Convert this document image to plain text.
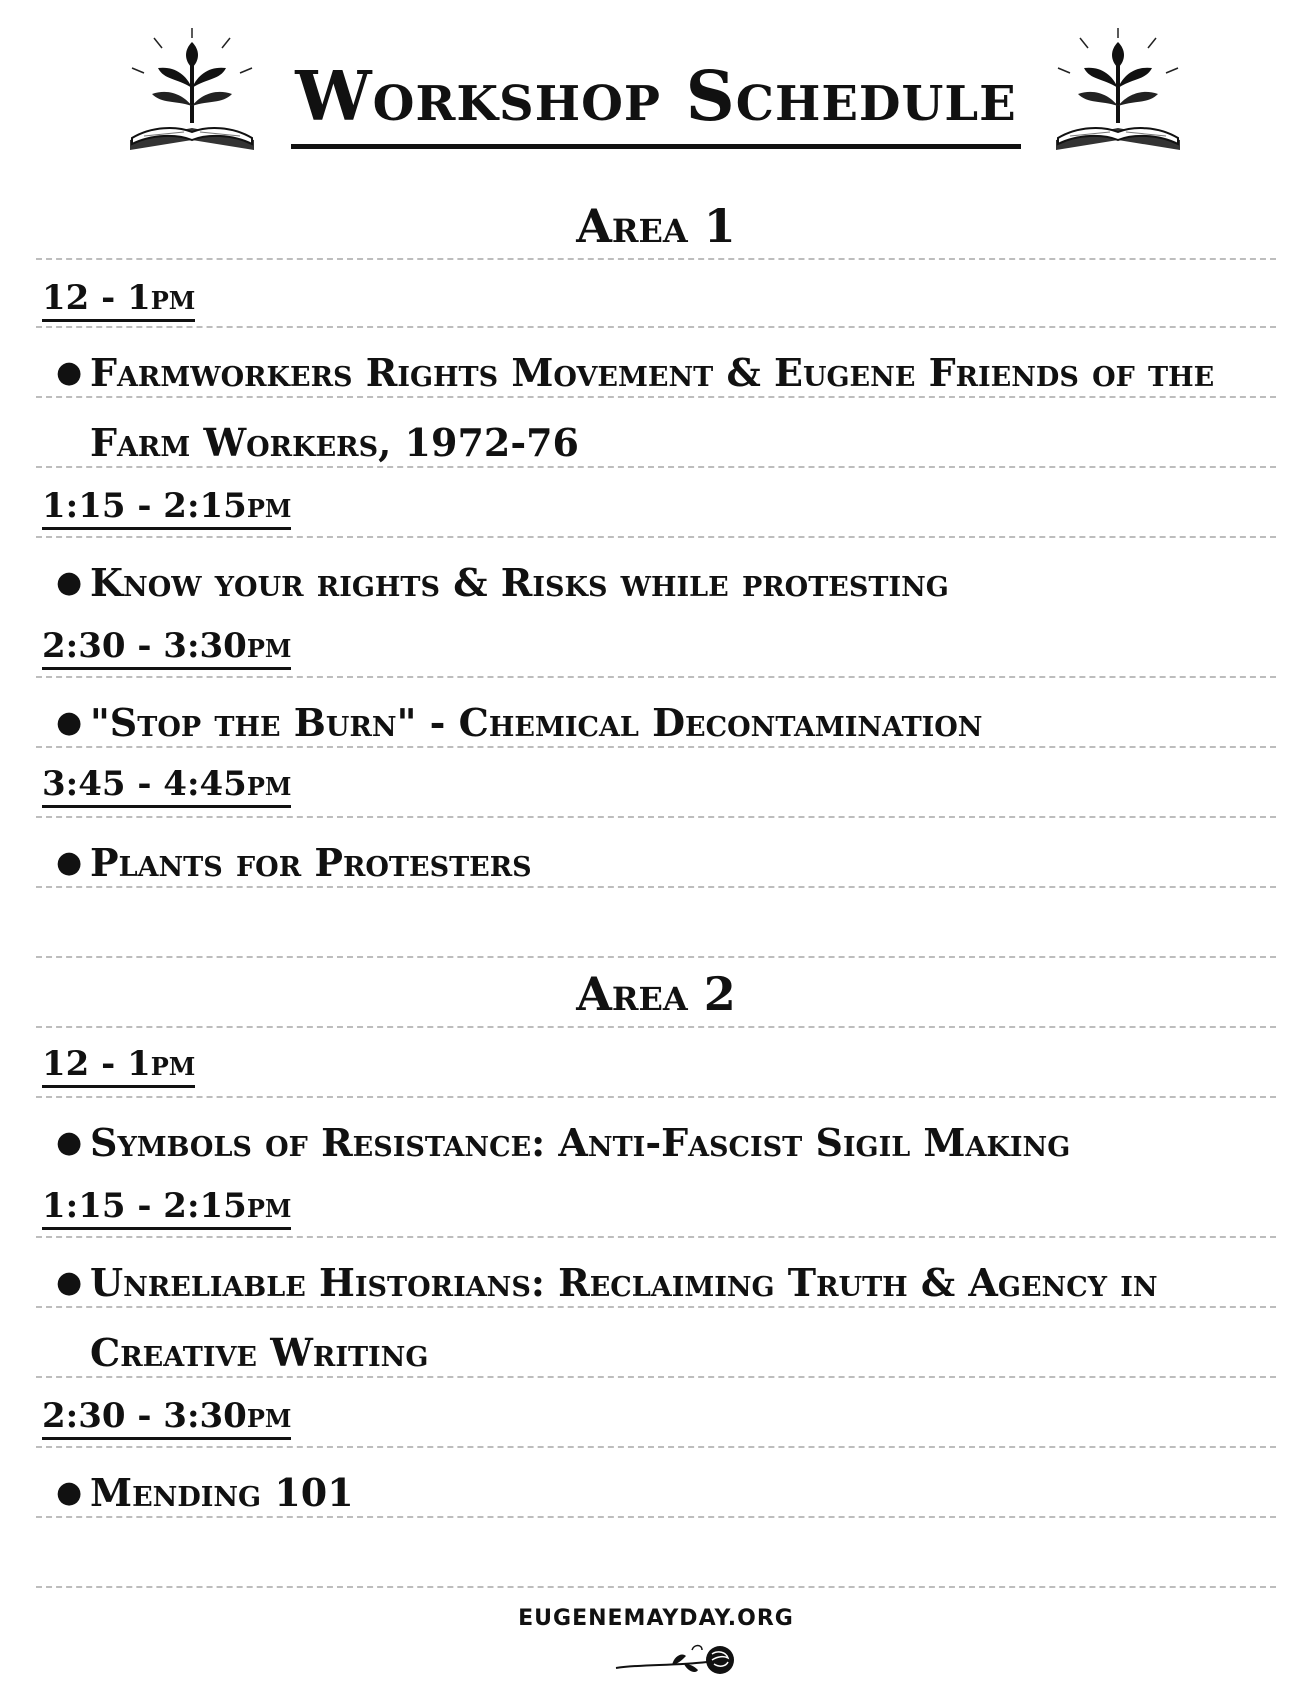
Workshop Schedule
Area 1
12 - 1pm
● Farmworkers Rights Movement & Eugene Friends of the Farm Workers, 1972-76
1:15 - 2:15pm
● Know your rights & Risks while protesting
2:30 - 3:30pm
● "Stop the Burn" - Chemical Decontamination
3:45 - 4:45pm
● Plants for Protesters
Area 2
12 - 1pm
● Symbols of Resistance: Anti-Fascist Sigil Making
1:15 - 2:15pm
● Unreliable Historians: Reclaiming Truth & Agency in Creative Writing
2:30 - 3:30pm
● Mending 101
EUGENEMAYDAY.ORG
